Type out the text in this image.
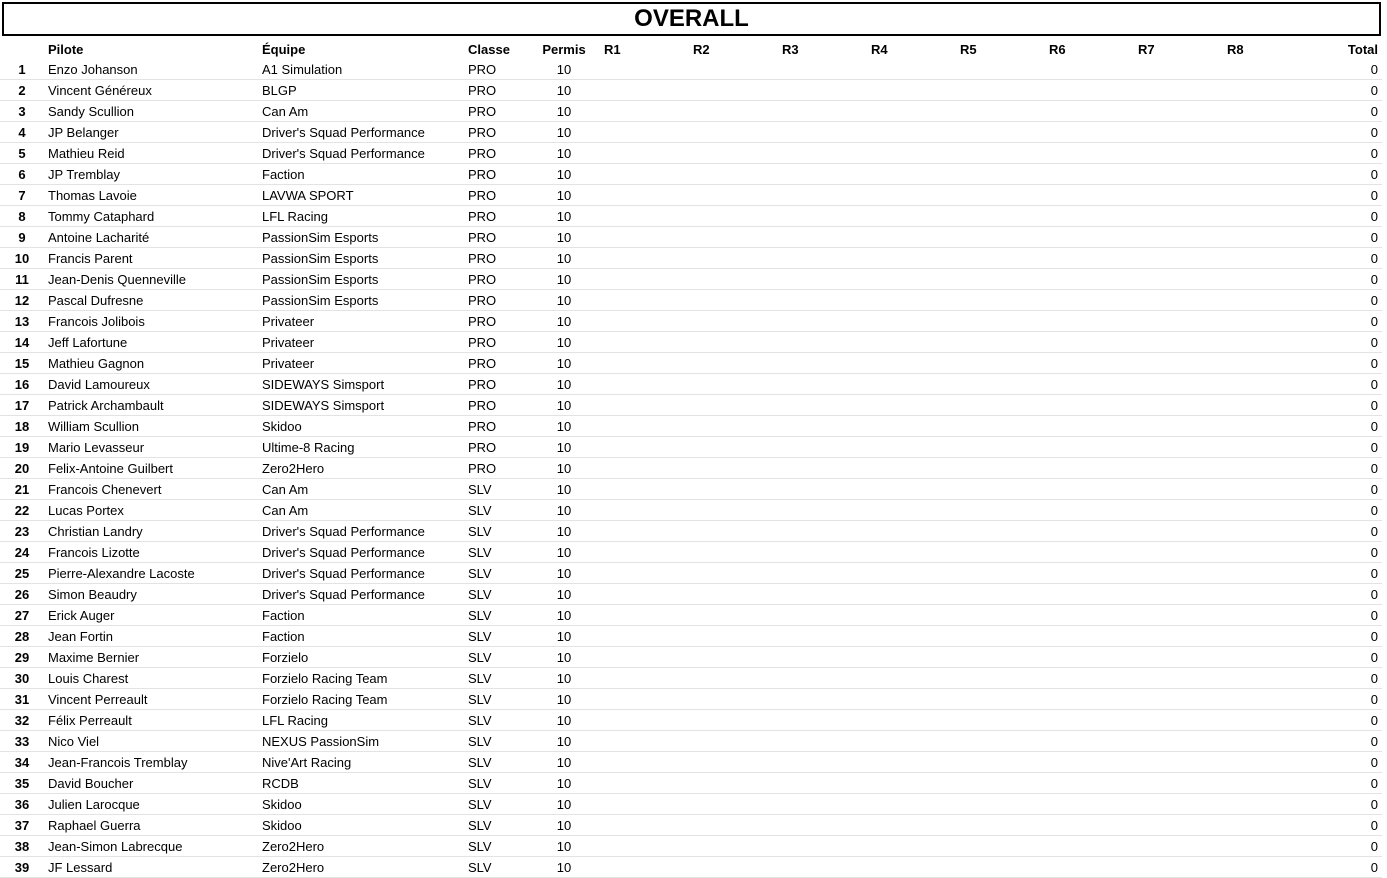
OVERALL
	Pilote	Équipe	Classe	Permis	R1	R2	R3	R4	R5	R6	R7	R8	Total
1	Enzo Johanson	A1 Simulation	PRO	10									0
2	Vincent Généreux	BLGP	PRO	10									0
3	Sandy Scullion	Can Am	PRO	10									0
4	JP Belanger	Driver's Squad Performance	PRO	10									0
5	Mathieu Reid	Driver's Squad Performance	PRO	10									0
6	JP Tremblay	Faction	PRO	10									0
7	Thomas Lavoie	LAVWA SPORT	PRO	10									0
8	Tommy Cataphard	LFL Racing	PRO	10									0
9	Antoine Lacharité	PassionSim Esports	PRO	10									0
10	Francis Parent	PassionSim Esports	PRO	10									0
11	Jean-Denis Quenneville	PassionSim Esports	PRO	10									0
12	Pascal Dufresne	PassionSim Esports	PRO	10									0
13	Francois Jolibois	Privateer	PRO	10									0
14	Jeff Lafortune	Privateer	PRO	10									0
15	Mathieu Gagnon	Privateer	PRO	10									0
16	David Lamoureux	SIDEWAYS Simsport	PRO	10									0
17	Patrick Archambault	SIDEWAYS Simsport	PRO	10									0
18	William Scullion	Skidoo	PRO	10									0
19	Mario Levasseur	Ultime-8 Racing	PRO	10									0
20	Felix-Antoine Guilbert	Zero2Hero	PRO	10									0
21	Francois Chenevert	Can Am	SLV	10									0
22	Lucas Portex	Can Am	SLV	10									0
23	Christian Landry	Driver's Squad Performance	SLV	10									0
24	Francois Lizotte	Driver's Squad Performance	SLV	10									0
25	Pierre-Alexandre Lacoste	Driver's Squad Performance	SLV	10									0
26	Simon Beaudry	Driver's Squad Performance	SLV	10									0
27	Erick Auger	Faction	SLV	10									0
28	Jean Fortin	Faction	SLV	10									0
29	Maxime Bernier	Forzielo	SLV	10									0
30	Louis Charest	Forzielo Racing Team	SLV	10									0
31	Vincent Perreault	Forzielo Racing Team	SLV	10									0
32	Félix Perreault	LFL Racing	SLV	10									0
33	Nico Viel	NEXUS PassionSim	SLV	10									0
34	Jean-Francois Tremblay	Nive'Art Racing	SLV	10									0
35	David Boucher	RCDB	SLV	10									0
36	Julien Larocque	Skidoo	SLV	10									0
37	Raphael Guerra	Skidoo	SLV	10									0
38	Jean-Simon Labrecque	Zero2Hero	SLV	10									0
39	JF Lessard	Zero2Hero	SLV	10									0
